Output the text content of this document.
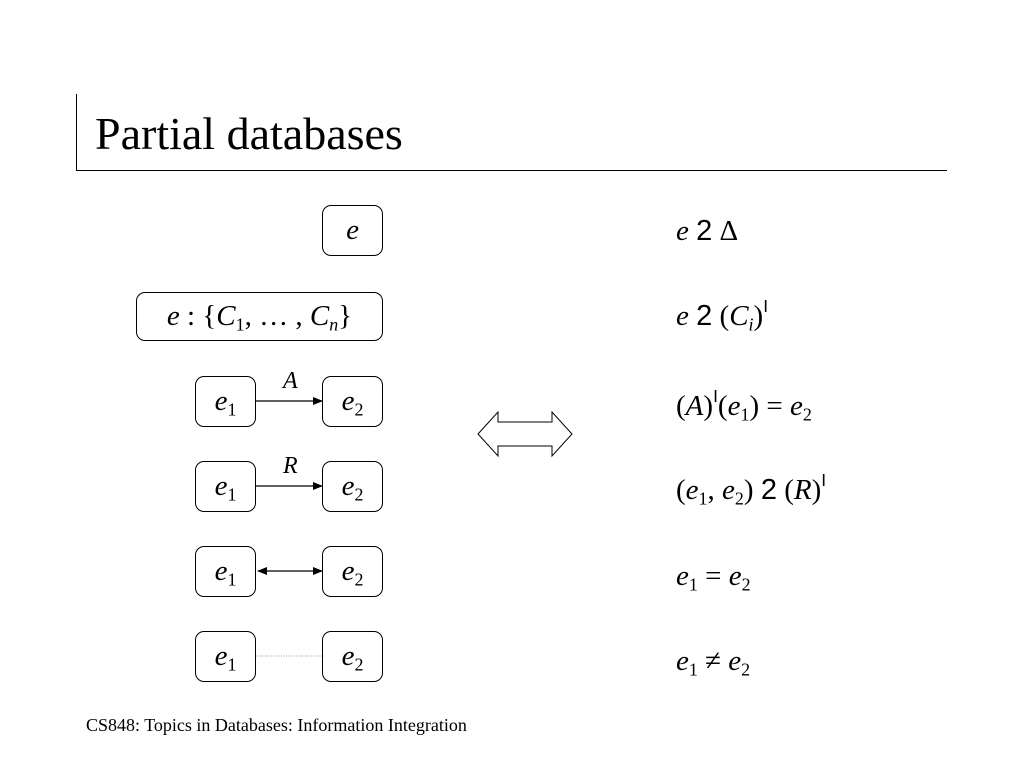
Partial databases
e
e : {$C_1$, … , $C_n$}
A
$e_1$	$e_2$
R
$e_1$	$e_2$
$e_1$	$e_2$
$e_1$	$e_2$
e 2 Δ
e 2 $(C_i)^I$
$(A)^I(e_1) = e_2$
($e_1$, $e_2$) 2 $(R)^I$
$e_1 = e_2$
$e_1 \ne e_2$
CS848: Topics in Databases: Information Integration
